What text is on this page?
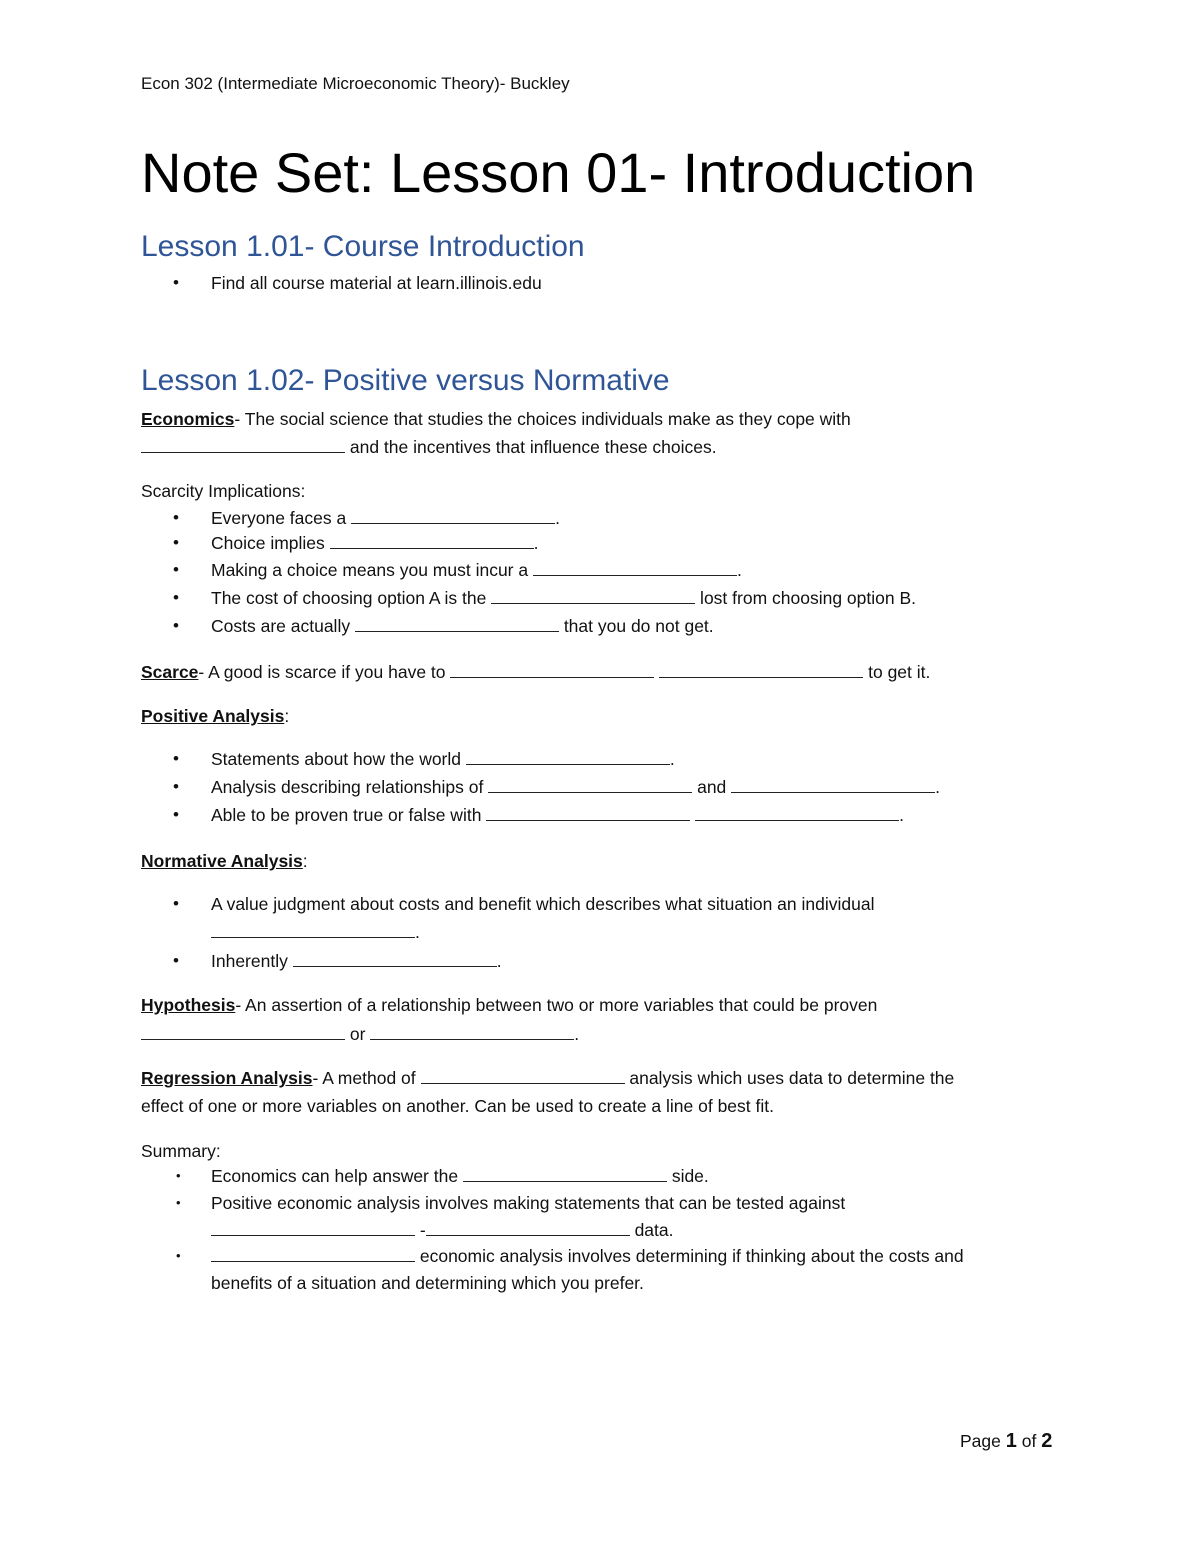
Econ 302 (Intermediate Microeconomic Theory)- Buckley
Note Set: Lesson 01- Introduction
Lesson 1.01- Course Introduction
• Find all course material at learn.illinois.edu
Lesson 1.02- Positive versus Normative
Economics- The social science that studies the choices individuals make as they cope with
and the incentives that influence these choices.
Scarcity Implications:
• Everyone faces a	.
• Choice implies	.
• Making a choice means you must incur a	.
• The cost of choosing option A is the	lost from choosing option B.
• Costs are actually	that you do not get.
Scarce- A good is scarce if you have to	to get it.
Positive Analysis:
• Statements about how the world	.
• Analysis describing relationships of	and	.
• Able to be proven true or false with	.
Normative Analysis:
• A value judgment about costs and benefit which describes what situation an individual
.
• Inherently	.
Hypothesis- An assertion of a relationship between two or more variables that could be proven
or	.
Regression Analysis- A method of	analysis which uses data to determine the
effect of one or more variables on another. Can be used to create a line of best fit.
Summary:
• Economics can help answer the	side.
• Positive economic analysis involves making statements that can be tested against
-	data.
•	economic analysis involves determining if thinking about the costs and
benefits of a situation and determining which you prefer.
Page 1 of 2
